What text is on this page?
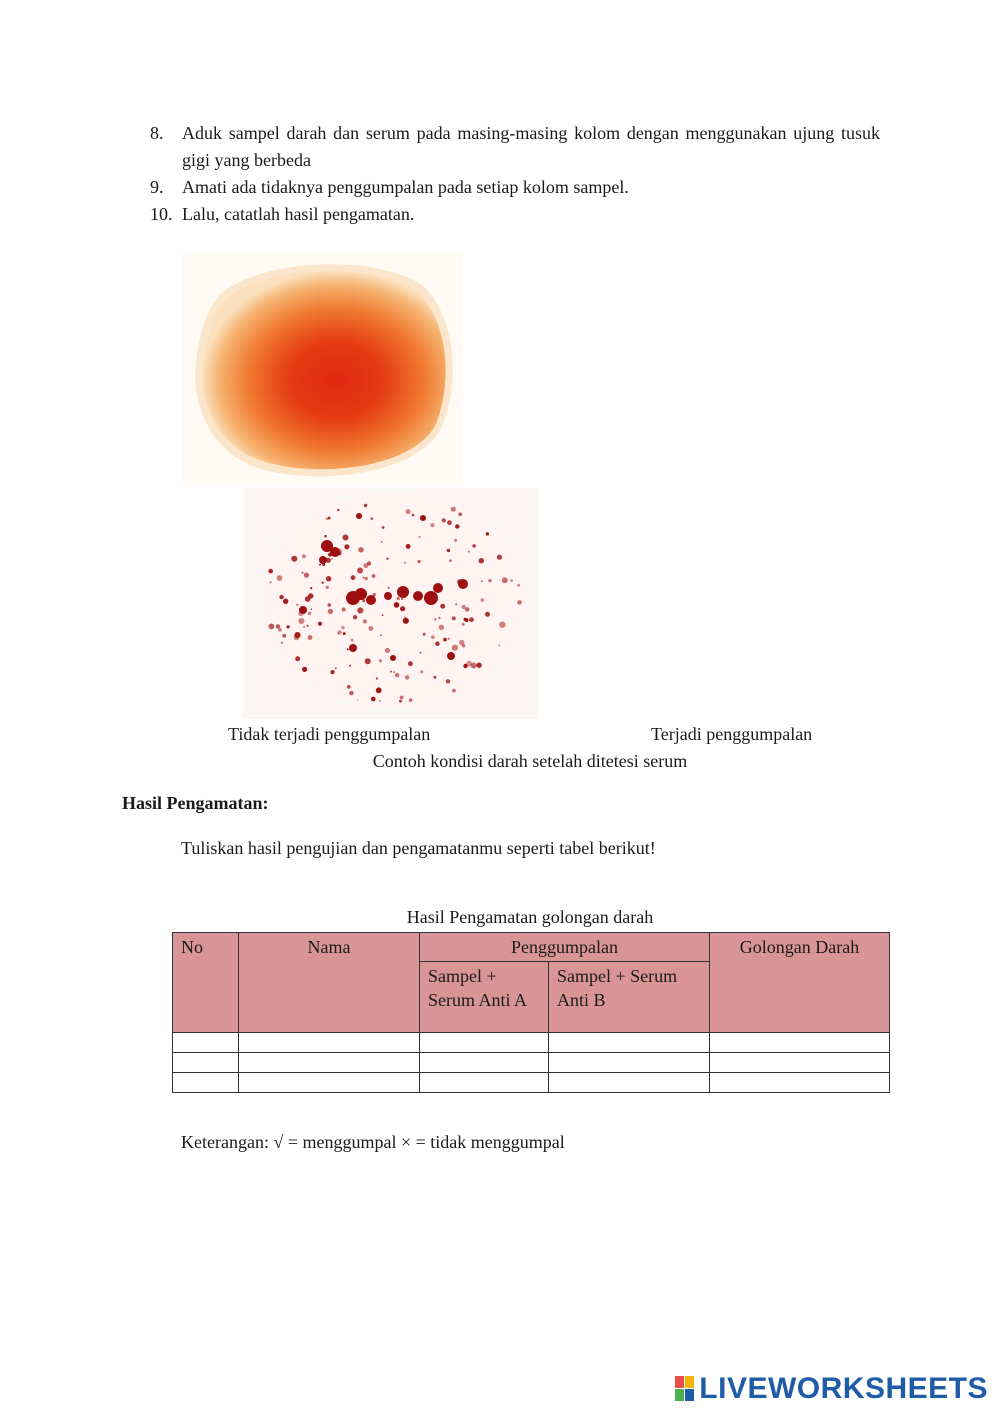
8. Aduk sampel darah dan serum pada masing-masing kolom dengan menggunakan ujung tusuk gigi yang berbeda
9. Amati ada tidaknya penggumpalan pada setiap kolom sampel.
10. Lalu, catatlah hasil pengamatan.
Tidak terjadi penggumpalan	Terjadi penggumpalan
Contoh kondisi darah setelah ditetesi serum
Hasil Pengamatan:
Tuliskan hasil pengujian dan pengamatanmu seperti tabel berikut!
Hasil Pengamatan golongan darah
No	Nama	Penggumpalan		Golongan Darah
		Sampel + Serum Anti A	Sampel + Serum Anti B	

Keterangan: √ = menggumpal × = tidak menggumpal
LIVEWORKSHEETS
